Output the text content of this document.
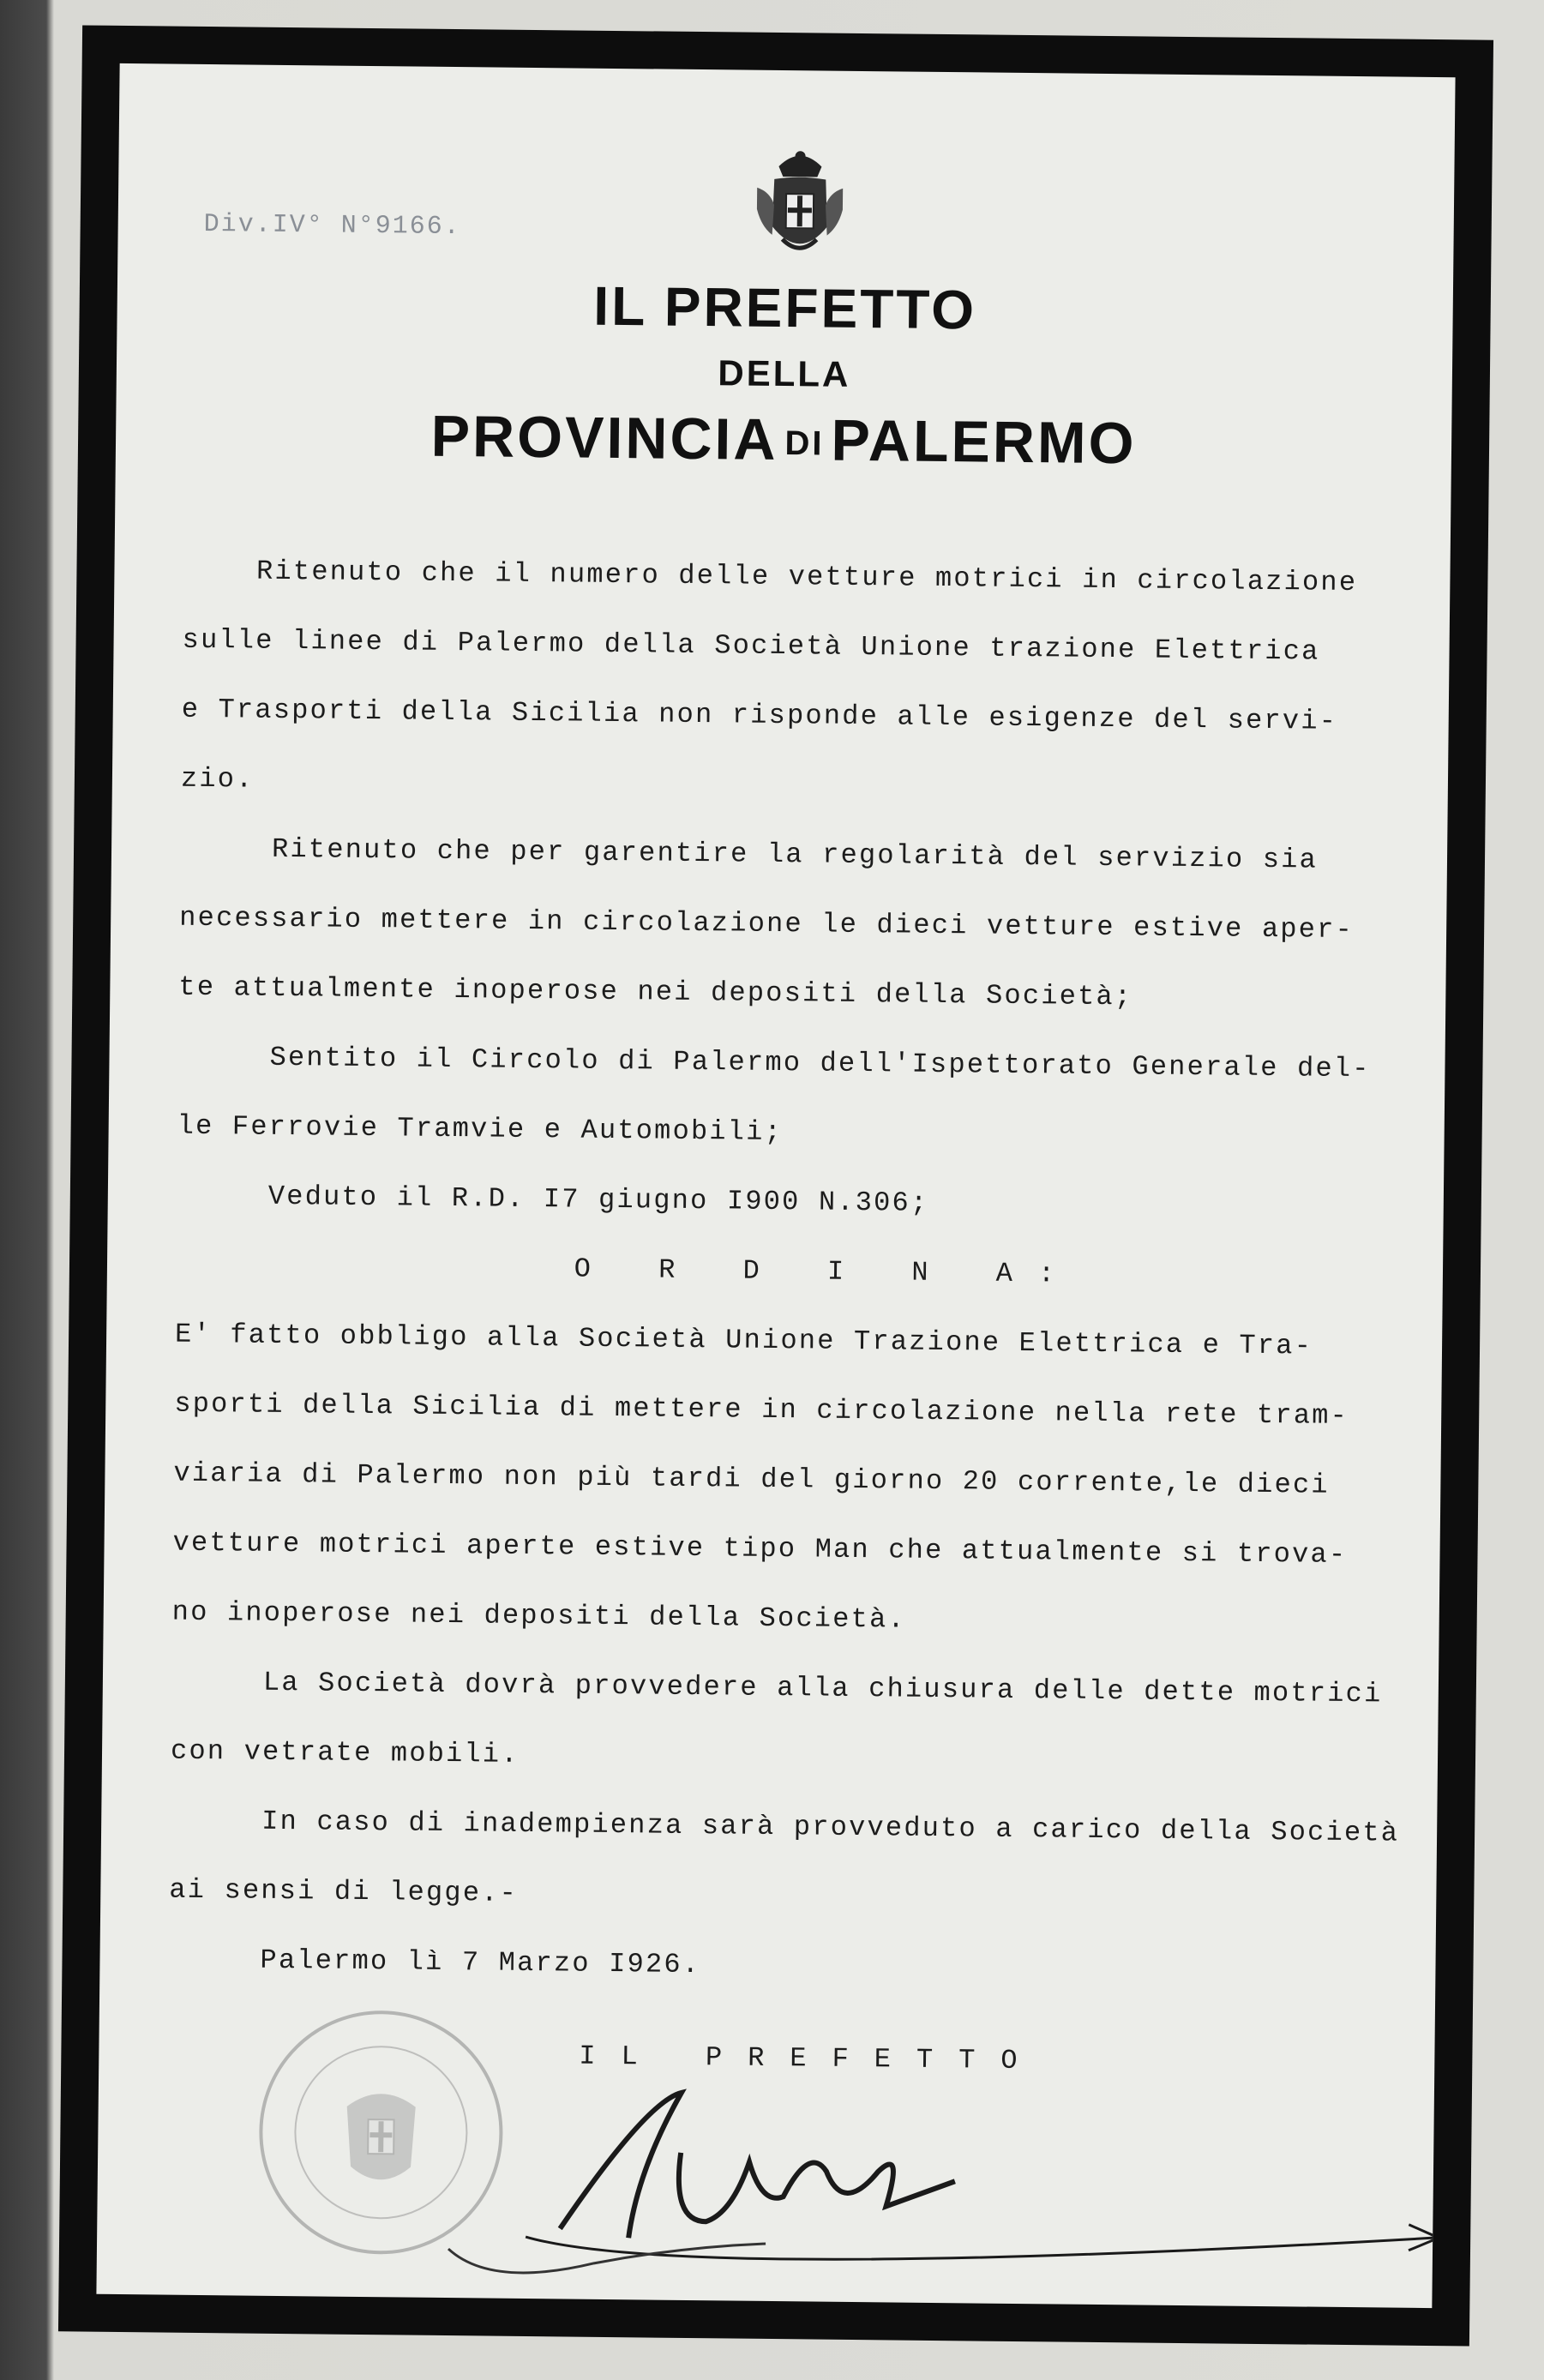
Div.IV° N°9166.
IL PREFETTO
DELLA
PROVINCIA DI PALERMO
Ritenuto che il numero delle vetture motrici in circolazione
sulle linee di Palermo della Società Unione trazione Elettrica
e Trasporti della Sicilia non risponde alle esigenze del servi-
zio.
Ritenuto che per garentire la regolarità del servizio sia
necessario mettere in circolazione le dieci vetture estive aper-
te attualmente inoperose nei depositi della Società;
Sentito il Circolo di Palermo dell'Ispettorato Generale del-
le Ferrovie Tramvie e Automobili;
Veduto il R.D. I7 giugno I900 N.306;
O R D I N A:
E' fatto obbligo alla Società Unione Trazione Elettrica e Tra-
sporti della Sicilia di mettere in circolazione nella rete tram-
viaria di Palermo non più tardi del giorno 20 corrente,le dieci
vetture motrici aperte estive tipo Man che attualmente si trova-
no inoperose nei depositi della Società.
La Società dovrà provvedere alla chiusura delle dette motrici
con vetrate mobili.
In caso di inadempienza sarà provveduto a carico della Società
ai sensi di legge.-
Palermo lì 7 Marzo I926.
IL PREFETTO
